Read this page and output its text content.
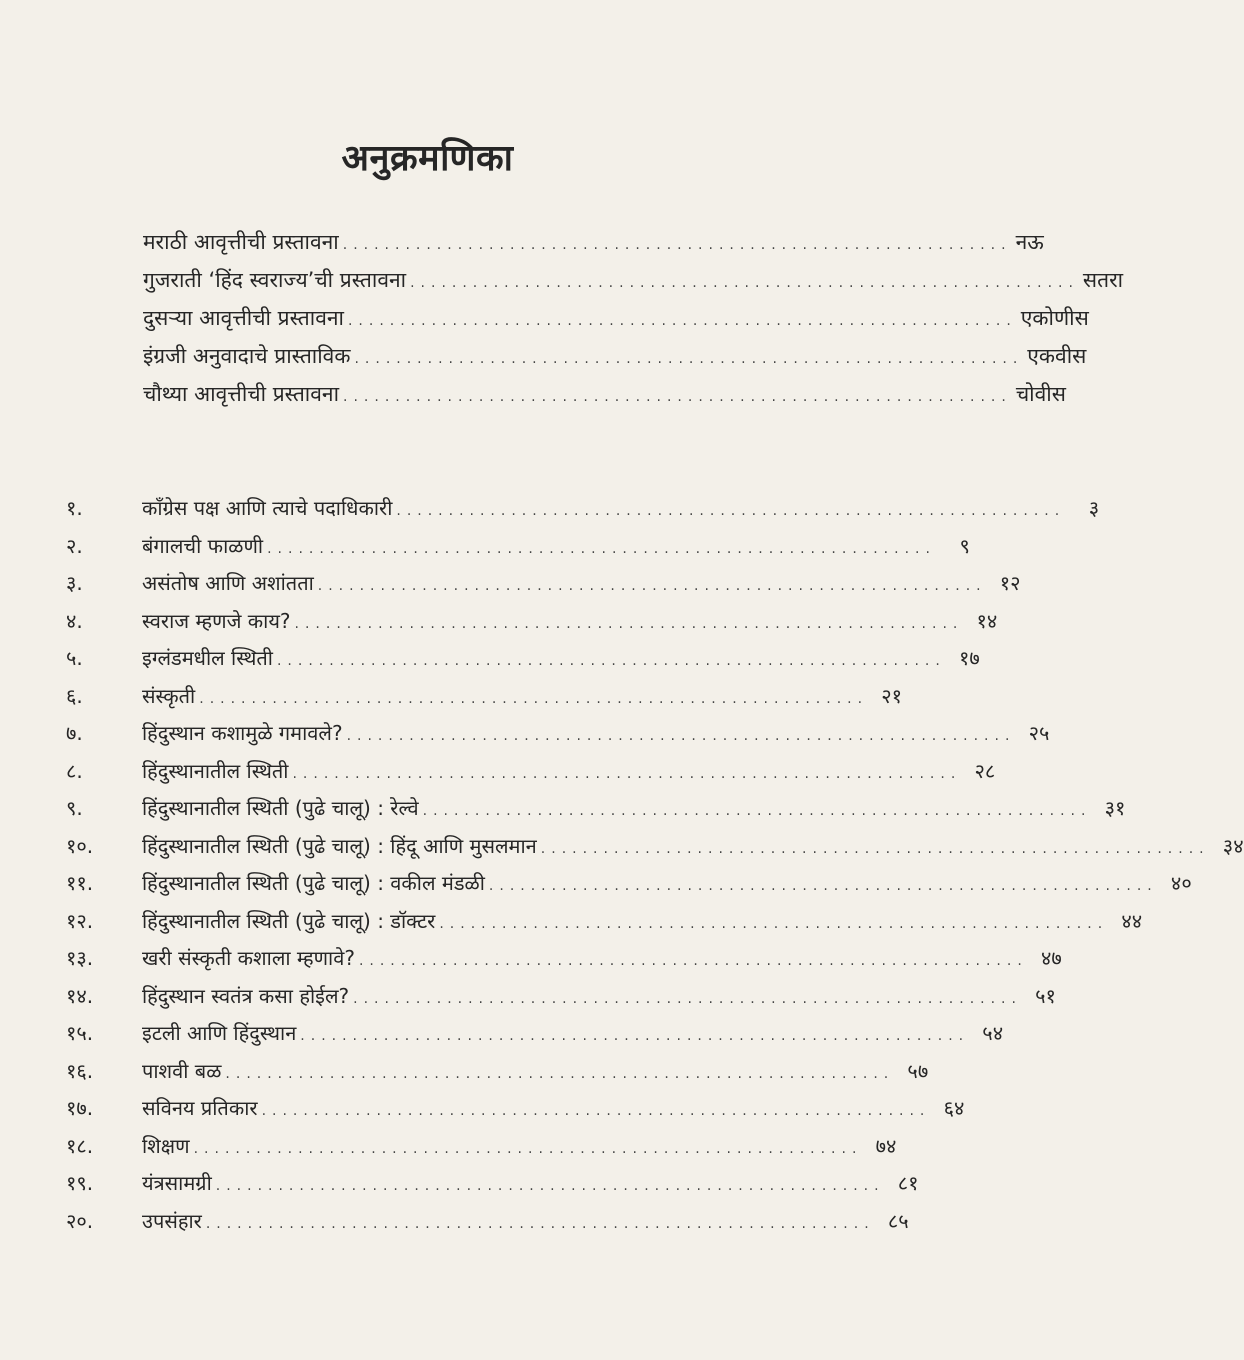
अनुक्रमणिका
मराठी आवृत्तीची प्रस्तावना ................................................................ नऊ
गुजराती ‘हिंद स्वराज्य’ची प्रस्तावना ................................................................ सतरा
दुसऱ्या आवृत्तीची प्रस्तावना ................................................................ एकोणीस
इंग्रजी अनुवादाचे प्रास्ताविक ................................................................ एकवीस
चौथ्या आवृत्तीची प्रस्तावना ................................................................ चोवीस
१.	काँग्रेस पक्ष आणि त्याचे पदाधिकारी ................................................................	३
२.	बंगालची फाळणी ................................................................	९
३.	असंतोष आणि अशांतता ................................................................ १२
४.	स्वराज म्हणजे काय? ................................................................ १४
५.	इग्लंडमधील स्थिती ................................................................ १७
६.	संस्कृती ................................................................ २१
७.	हिंदुस्थान कशामुळे गमावले? ................................................................ २५
८.	हिंदुस्थानातील स्थिती ................................................................ २८
९.	हिंदुस्थानातील स्थिती (पुढे चालू) : रेल्वे ................................................................ ३१
१०.	हिंदुस्थानातील स्थिती (पुढे चालू) : हिंदू आणि मुसलमान ................................................................ ३४
११.	हिंदुस्थानातील स्थिती (पुढे चालू) : वकील मंडळी ................................................................ ४०
१२.	हिंदुस्थानातील स्थिती (पुढे चालू) : डॉक्टर ................................................................ ४४
१३.	खरी संस्कृती कशाला म्हणावे? ................................................................ ४७
१४.	हिंदुस्थान स्वतंत्र कसा होईल? ................................................................ ५१
१५.	इटली आणि हिंदुस्थान ................................................................ ५४
१६.	पाशवी बळ ................................................................ ५७
१७.	सविनय प्रतिकार ................................................................ ६४
१८.	शिक्षण ................................................................ ७४
१९.	यंत्रसामग्री ................................................................ ८१
२०.	उपसंहार ................................................................ ८५
